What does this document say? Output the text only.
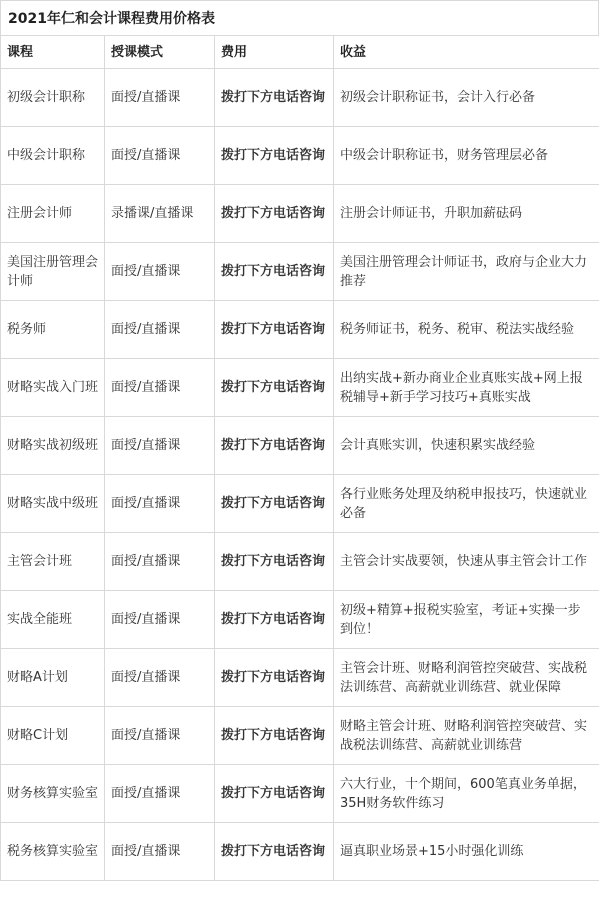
2021年仁和会计课程费用价格表
课程	授课模式	费用	收益
初级会计职称	面授/直播课	拨打下方电话咨询	初级会计职称证书，会计入行必备
中级会计职称	面授/直播课	拨打下方电话咨询	中级会计职称证书，财务管理层必备
注册会计师	录播课/直播课	拨打下方电话咨询	注册会计师证书，升职加薪砝码
美国注册管理会计师	面授/直播课	拨打下方电话咨询	美国注册管理会计师证书，政府与企业大力推荐
税务师	面授/直播课	拨打下方电话咨询	税务师证书，税务、税审、税法实战经验
财略实战入门班	面授/直播课	拨打下方电话咨询	出纳实战+新办商业企业真账实战+网上报税辅导+新手学习技巧+真账实战
财略实战初级班	面授/直播课	拨打下方电话咨询	会计真账实训，快速积累实战经验
财略实战中级班	面授/直播课	拨打下方电话咨询	各行业账务处理及纳税申报技巧，快速就业必备
主管会计班	面授/直播课	拨打下方电话咨询	主管会计实战要领，快速从事主管会计工作
实战全能班	面授/直播课	拨打下方电话咨询	初级+精算+报税实验室，考证+实操一步到位！
财略A计划	面授/直播课	拨打下方电话咨询	主管会计班、财略利润管控突破营、实战税法训练营、高薪就业训练营、就业保障
财略C计划	面授/直播课	拨打下方电话咨询	财略主管会计班、财略利润管控突破营、实战税法训练营、高薪就业训练营
财务核算实验室	面授/直播课	拨打下方电话咨询	六大行业，十个期间，600笔真业务单据，35H财务软件练习
税务核算实验室	面授/直播课	拨打下方电话咨询	逼真职业场景+15小时强化训练
